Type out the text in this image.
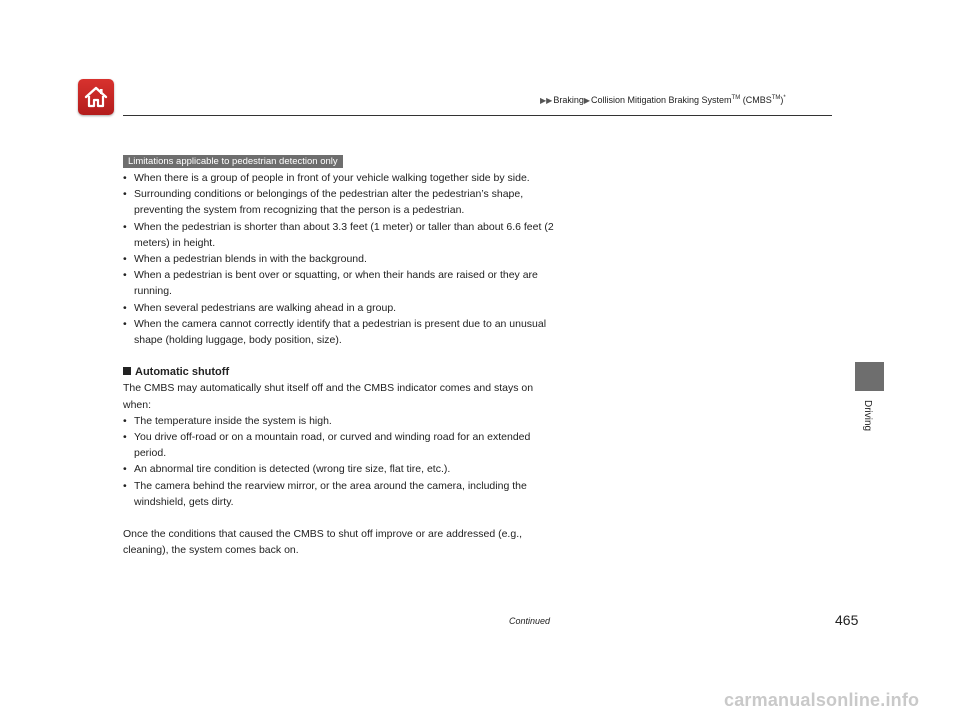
▶▶Braking▶Collision Mitigation Braking System™ (CMBS™)*
Limitations applicable to pedestrian detection only
• When there is a group of people in front of your vehicle walking together side by side.
• Surrounding conditions or belongings of the pedestrian alter the pedestrian’s shape, preventing the system from recognizing that the person is a pedestrian.
• When the pedestrian is shorter than about 3.3 feet (1 meter) or taller than about 6.6 feet (2 meters) in height.
• When a pedestrian blends in with the background.
• When a pedestrian is bent over or squatting, or when their hands are raised or they are running.
• When several pedestrians are walking ahead in a group.
• When the camera cannot correctly identify that a pedestrian is present due to an unusual shape (holding luggage, body position, size).
Automatic shutoff

The CMBS may automatically shut itself off and the CMBS indicator comes and stays on when:

• The temperature inside the system is high.
• You drive off-road or on a mountain road, or curved and winding road for an extended period.
• An abnormal tire condition is detected (wrong tire size, flat tire, etc.).
• The camera behind the rearview mirror, or the area around the camera, including the windshield, gets dirty.

Once the conditions that caused the CMBS to shut off improve or are addressed (e.g., cleaning), the system comes back on.

Driving
Continued	465
carmanualsonline.info
